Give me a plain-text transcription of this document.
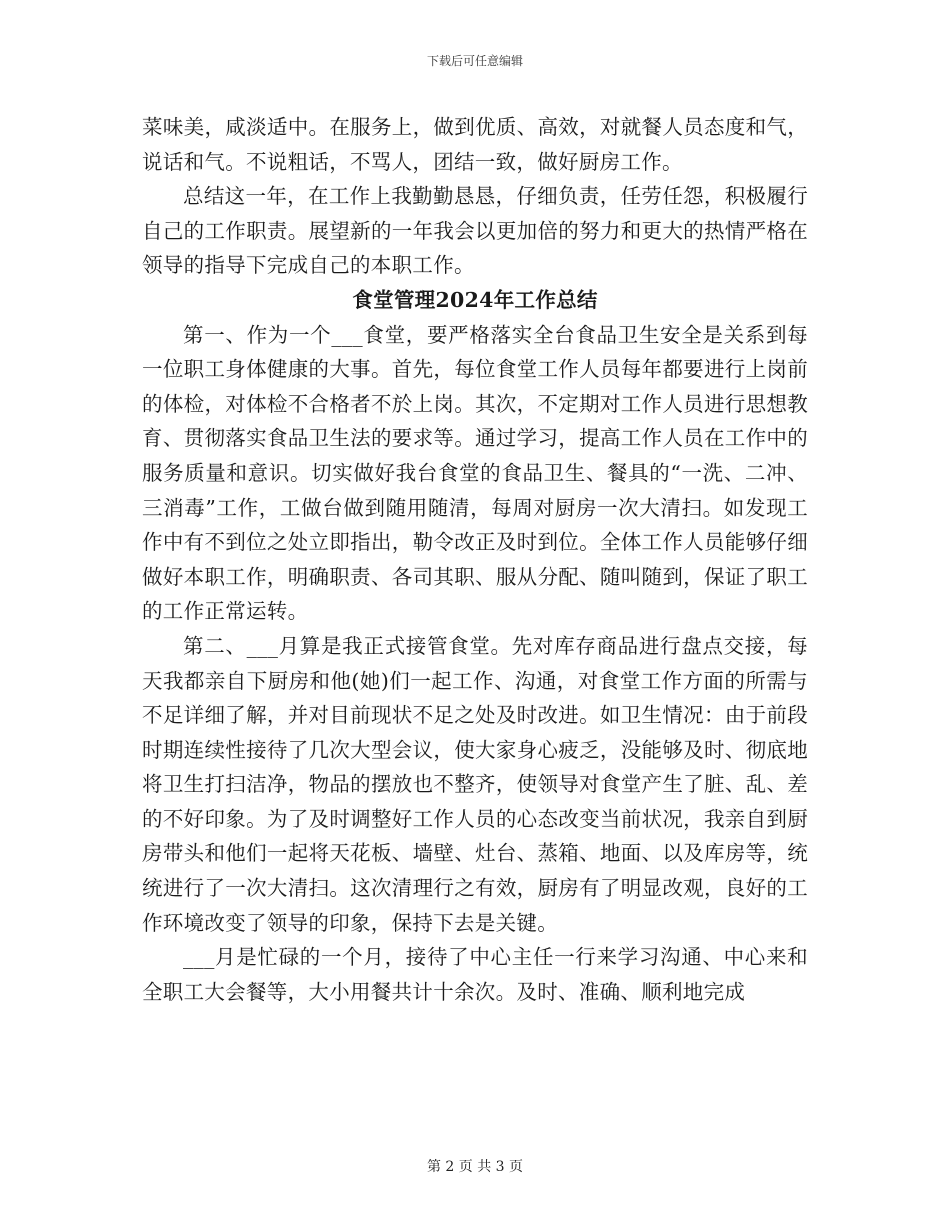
下载后可任意编辑

菜味美，咸淡适中。在服务上，做到优质、高效，对就餐人员态度和气，说话和气。不说粗话，不骂人，团结一致，做好厨房工作。

总结这一年，在工作上我勤勤恳恳，仔细负责，任劳任怨，积极履行自己的工作职责。展望新的一年我会以更加倍的努力和更大的热情严格在领导的指导下完成自己的本职工作。

食堂管理2024年工作总结

第一、作为一个___食堂，要严格落实全台食品卫生安全是关系到每一位职工身体健康的大事。首先，每位食堂工作人员每年都要进行上岗前的体检，对体检不合格者不於上岗。其次，不定期对工作人员进行思想教育、贯彻落实食品卫生法的要求等。通过学习，提高工作人员在工作中的服务质量和意识。切实做好我台食堂的食品卫生、餐具的“一洗、二冲、三消毒”工作，工做台做到随用随清，每周对厨房一次大清扫。如发现工作中有不到位之处立即指出，勒令改正及时到位。全体工作人员能够仔细做好本职工作，明确职责、各司其职、服从分配、随叫随到，保证了职工的工作正常运转。

第二、___月算是我正式接管食堂。先对库存商品进行盘点交接，每天我都亲自下厨房和他(她)们一起工作、沟通，对食堂工作方面的所需与不足详细了解，并对目前现状不足之处及时改进。如卫生情况：由于前段时期连续性接待了几次大型会议，使大家身心疲乏，没能够及时、彻底地将卫生打扫洁净，物品的摆放也不整齐，使领导对食堂产生了脏、乱、差的不好印象。为了及时调整好工作人员的心态改变当前状况，我亲自到厨房带头和他们一起将天花板、墙壁、灶台、蒸箱、地面、以及库房等，统统进行了一次大清扫。这次清理行之有效，厨房有了明显改观，良好的工作环境改变了领导的印象，保持下去是关键。

___月是忙碌的一个月，接待了中心主任一行来学习沟通、中心来和全职工大会餐等，大小用餐共计十余次。及时、准确、顺利地完成

第 2 页 共 3 页
